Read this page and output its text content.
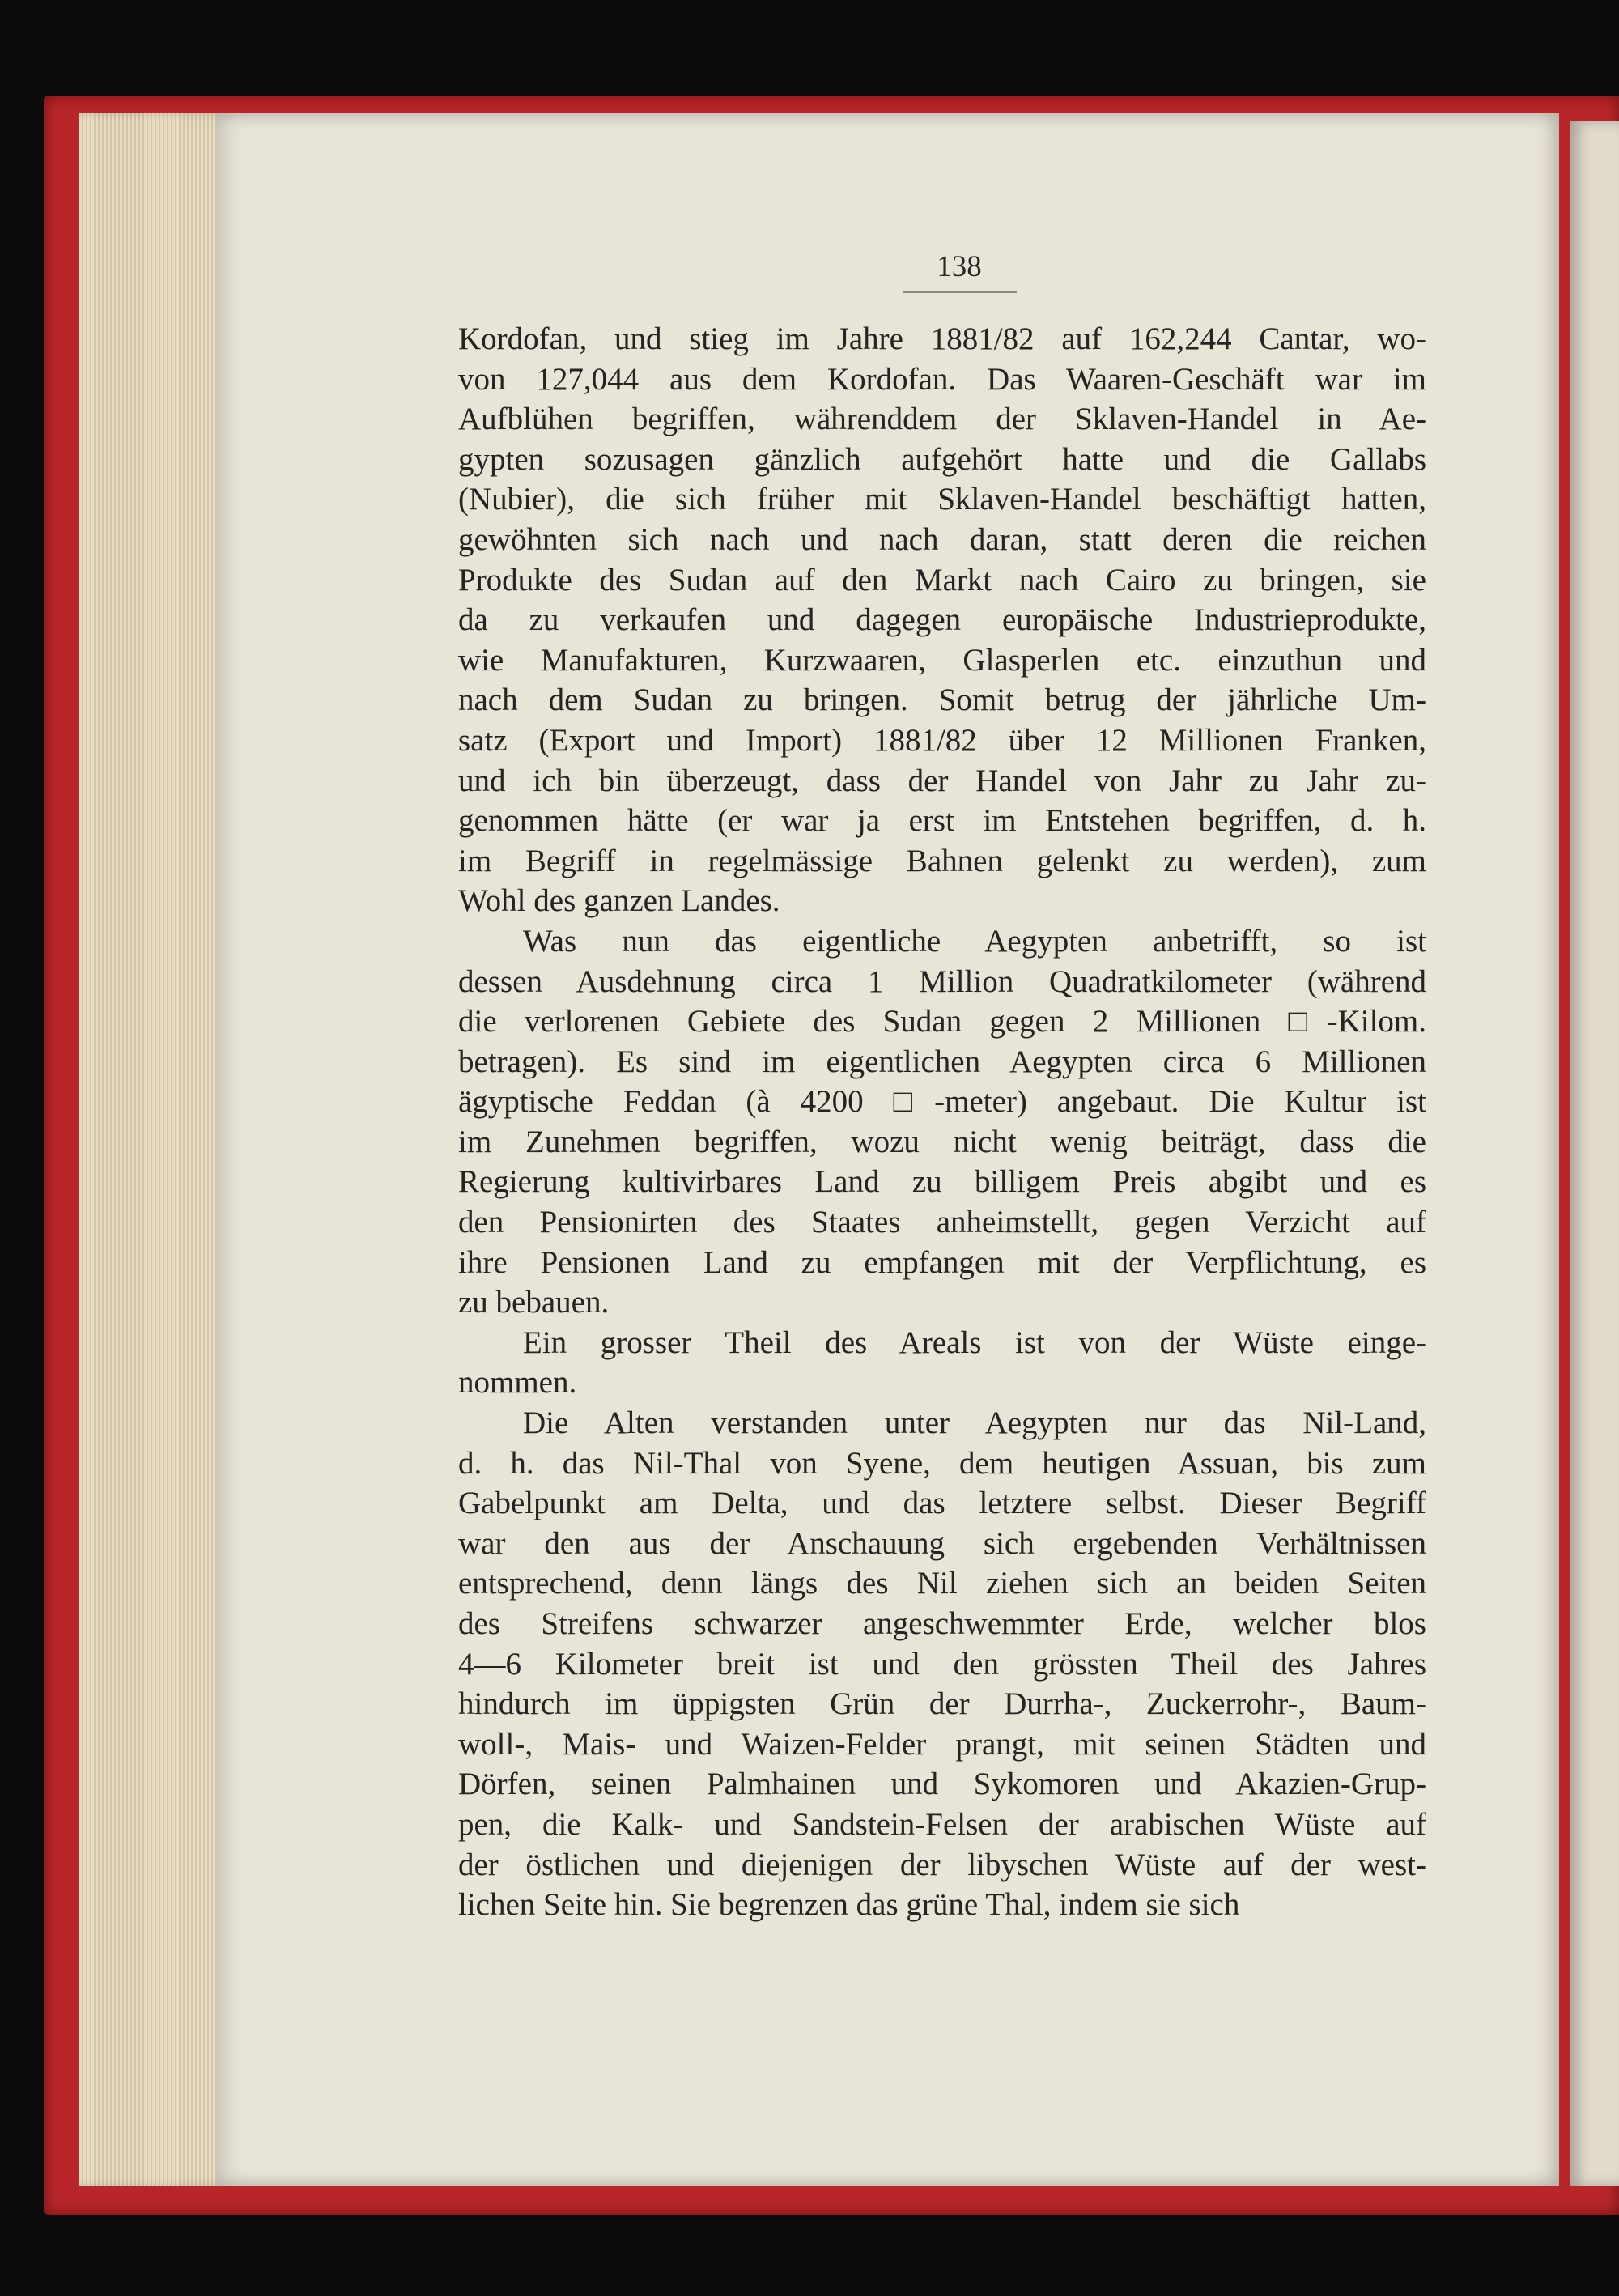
138
Kordofan, und stieg im Jahre 1881/82 auf 162,244 Cantar, wo-
von 127,044 aus dem Kordofan. Das Waaren-Geschäft war im
Aufblühen begriffen, währenddem der Sklaven-Handel in Ae-
gypten sozusagen gänzlich aufgehört hatte und die Gallabs
(Nubier), die sich früher mit Sklaven-Handel beschäftigt hatten,
gewöhnten sich nach und nach daran, statt deren die reichen
Produkte des Sudan auf den Markt nach Cairo zu bringen, sie
da zu verkaufen und dagegen europäische Industrieprodukte,
wie Manufakturen, Kurzwaaren, Glasperlen etc. einzuthun und
nach dem Sudan zu bringen. Somit betrug der jährliche Um-
satz (Export und Import) 1881/82 über 12 Millionen Franken,
und ich bin überzeugt, dass der Handel von Jahr zu Jahr zu-
genommen hätte (er war ja erst im Entstehen begriffen, d. h.
im Begriff in regelmässige Bahnen gelenkt zu werden), zum
Wohl des ganzen Landes.
Was nun das eigentliche Aegypten anbetrifft, so ist
dessen Ausdehnung circa 1 Million Quadratkilometer (während
die verlorenen Gebiete des Sudan gegen 2 Millionen □-Kilom.
betragen). Es sind im eigentlichen Aegypten circa 6 Millionen
ägyptische Feddan (à 4200 □-meter) angebaut. Die Kultur ist
im Zunehmen begriffen, wozu nicht wenig beiträgt, dass die
Regierung kultivirbares Land zu billigem Preis abgibt und es
den Pensionirten des Staates anheimstellt, gegen Verzicht auf
ihre Pensionen Land zu empfangen mit der Verpflichtung, es
zu bebauen.
Ein grosser Theil des Areals ist von der Wüste einge-
nommen.
Die Alten verstanden unter Aegypten nur das Nil-Land,
d. h. das Nil-Thal von Syene, dem heutigen Assuan, bis zum
Gabelpunkt am Delta, und das letztere selbst. Dieser Begriff
war den aus der Anschauung sich ergebenden Verhältnissen
entsprechend, denn längs des Nil ziehen sich an beiden Seiten
des Streifens schwarzer angeschwemmter Erde, welcher blos
4—6 Kilometer breit ist und den grössten Theil des Jahres
hindurch im üppigsten Grün der Durrha-, Zuckerrohr-, Baum-
woll-, Mais- und Waizen-Felder prangt, mit seinen Städten und
Dörfen, seinen Palmhainen und Sykomoren und Akazien-Grup-
pen, die Kalk- und Sandstein-Felsen der arabischen Wüste auf
der östlichen und diejenigen der libyschen Wüste auf der west-
lichen Seite hin. Sie begrenzen das grüne Thal, indem sie sich
